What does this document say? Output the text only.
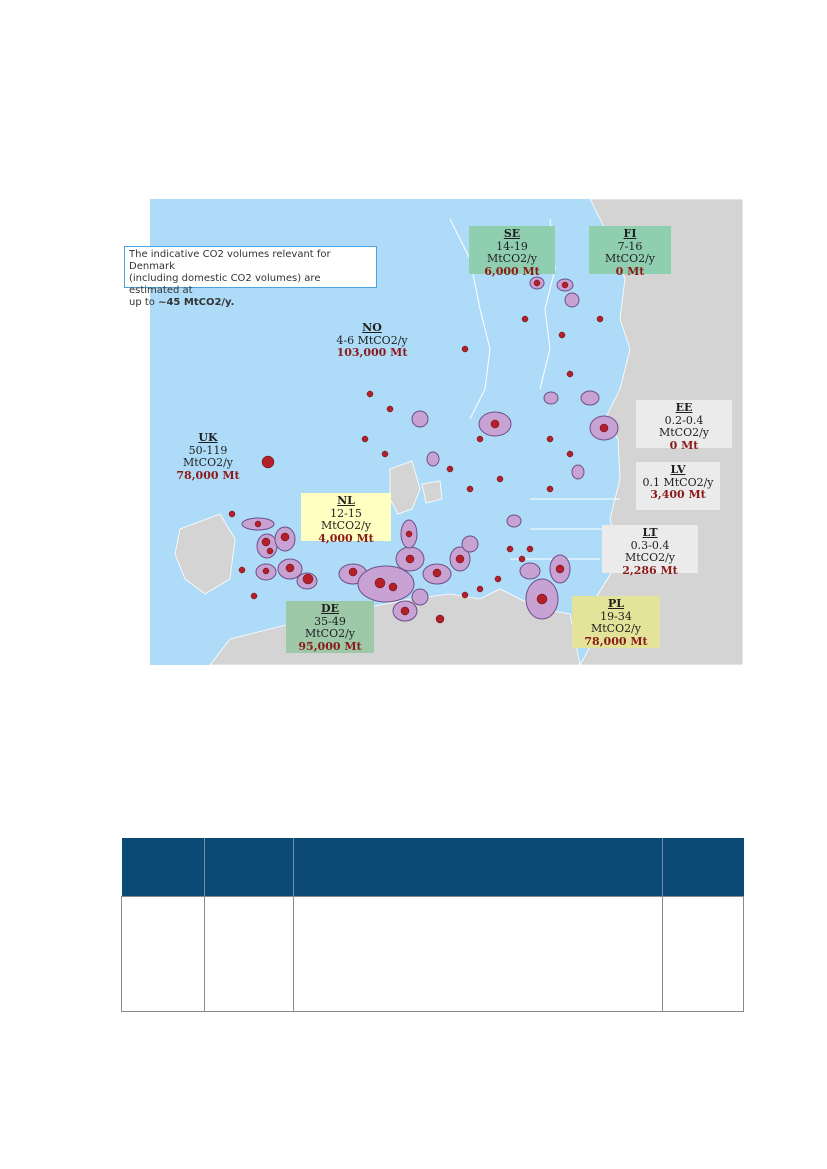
The indicative CO2 volumes relevant for Denmark
(including domestic CO2 volumes) are estimated at
up to ~45 MtCO2/y.
SE
14-19 MtCO2/y
6,000 Mt
FI
7-16 MtCO2/y
0 Mt
NO
4-6 MtCO2/y
103,000 Mt
UK
50-119 MtCO2/y
78,000 Mt
EE
0.2-0.4 MtCO2/y
0 Mt
LV
0.1 MtCO2/y
3,400 Mt
LT
0.3-0.4 MtCO2/y
2,286 Mt
NL
12-15 MtCO2/y
4,000 Mt
DE
35-49 MtCO2/y
95,000 Mt
PL
19-34 MtCO2/y
78,000 Mt
